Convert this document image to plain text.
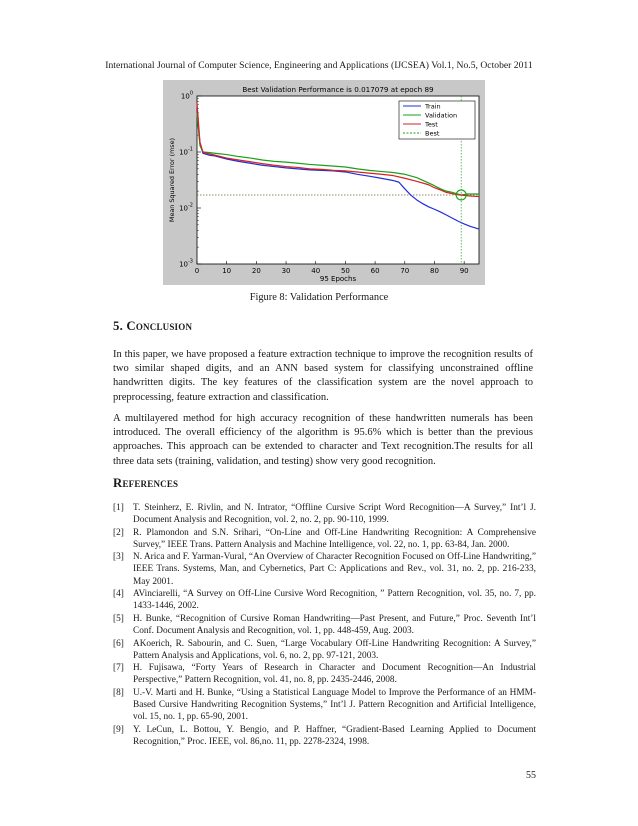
International Journal of Computer Science, Engineering and Applications (IJCSEA) Vol.1, No.5, October 2011
Best Validation Performance is 0.017079 at epoch 89
95 Epochs
Mean Squared Error (mse)
$10^0$
$10^{-1}$
$10^{-2}$
$10^{-3}$
0	10	20	30	40	50	60	70	80	90
Train
Validation
Test
Best
Figure 8: Validation Performance
5. Conclusion

In this paper, we have proposed a feature extraction technique to improve the recognition results of two similar shaped digits, and an ANN based system for classifying unconstrained offline handwritten digits. The key features of the classification system are the novel approach to preprocessing, feature extraction and classification.

A multilayered method for high accuracy recognition of these handwritten numerals has been introduced. The overall efficiency of the algorithm is 95.6% which is better than the previous approaches. This approach can be extended to character and Text recognition.The results for all three data sets (training, validation, and testing) show very good recognition.

References
[1] T. Steinherz, E. Rivlin, and N. Intrator, “Offline Cursive Script Word Recognition—A Survey,” Int’l J. Document Analysis and Recognition, vol. 2, no. 2, pp. 90-110, 1999.
[2] R. Plamondon and S.N. Srihari, “On-Line and Off-Line Handwriting Recognition: A Comprehensive Survey,” IEEE Trans. Pattern Analysis and Machine Intelligence, vol. 22, no. 1, pp. 63-84, Jan. 2000.
[3] N. Arica and F. Yarman-Vural, “An Overview of Character Recognition Focused on Off-Line Handwriting,” IEEE Trans. Systems, Man, and Cybernetics, Part C: Applications and Rev., vol. 31, no. 2, pp. 216-233, May 2001.
[4] AVinciarelli, “A Survey on Off-Line Cursive Word Recognition, ” Pattern Recognition, vol. 35, no. 7, pp. 1433-1446, 2002.
[5] H. Bunke, “Recognition of Cursive Roman Handwriting—Past Present, and Future,” Proc. Seventh Int’l Conf. Document Analysis and Recognition, vol. 1, pp. 448-459, Aug. 2003.
[6] AKoerich, R. Sabourin, and C. Suen, “Large Vocabulary Off-Line Handwriting Recognition: A Survey,” Pattern Analysis and Applications, vol. 6, no. 2, pp. 97-121, 2003.
[7] H. Fujisawa, “Forty Years of Research in Character and Document Recognition—An Industrial Perspective,” Pattern Recognition, vol. 41, no. 8, pp. 2435-2446, 2008.
[8] U.-V. Marti and H. Bunke, “Using a Statistical Language Model to Improve the Performance of an HMM-Based Cursive Handwriting Recognition Systems,” Int’l J. Pattern Recognition and Artificial Intelligence, vol. 15, no. 1, pp. 65-90, 2001.
[9] Y. LeCun, L. Bottou, Y. Bengio, and P. Haffner, “Gradient-Based Learning Applied to Document Recognition,” Proc. IEEE, vol. 86,no. 11, pp. 2278-2324, 1998.
55
